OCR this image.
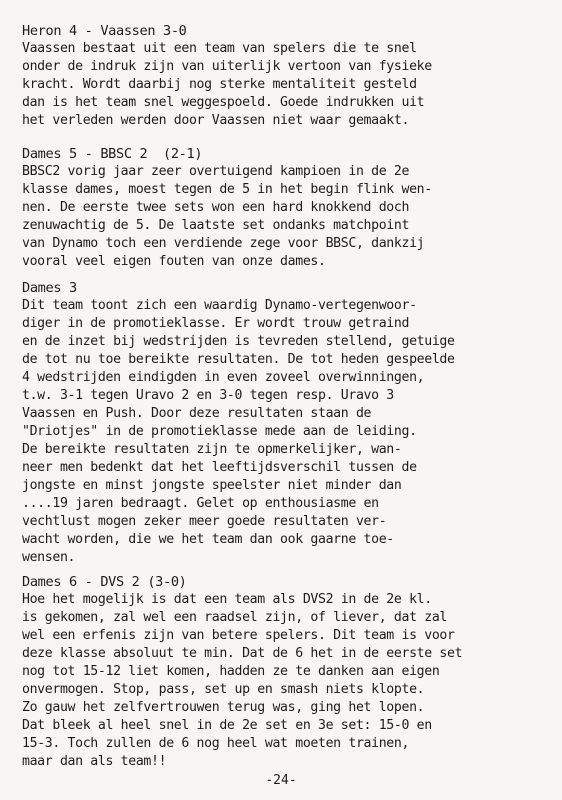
Heron 4 - Vaassen 3-0
Vaassen bestaat uit een team van spelers die te snel
onder de indruk zijn van uiterlijk vertoon van fysieke
kracht. Wordt daarbij nog sterke mentaliteit gesteld
dan is het team snel weggespoeld. Goede indrukken uit
het verleden werden door Vaassen niet waar gemaakt.
Dames 5 - BBSC 2  (2-1)
BBSC2 vorig jaar zeer overtuigend kampioen in de 2e
klasse dames, moest tegen de 5 in het begin flink wen-
nen. De eerste twee sets won een hard knokkend doch
zenuwachtig de 5. De laatste set ondanks matchpoint
van Dynamo toch een verdiende zege voor BBSC, dankzij
vooral veel eigen fouten van onze dames.
Dames 3
Dit team toont zich een waardig Dynamo-vertegenwoor-
diger in de promotieklasse. Er wordt trouw getraind
en de inzet bij wedstrijden is tevreden stellend, getuige
de tot nu toe bereikte resultaten. De tot heden gespeelde
4 wedstrijden eindigden in even zoveel overwinningen,
t.w. 3-1 tegen Uravo 2 en 3-0 tegen resp. Uravo 3
Vaassen en Push. Door deze resultaten staan de
"Driotjes" in de promotieklasse mede aan de leiding.
De bereikte resultaten zijn te opmerkelijker, wan-
neer men bedenkt dat het leeftijdsverschil tussen de
jongste en minst jongste speelster niet minder dan
....19 jaren bedraagt. Gelet op enthousiasme en
vechtlust mogen zeker meer goede resultaten ver-
wacht worden, die we het team dan ook gaarne toe-
wensen.
Dames 6 - DVS 2 (3-0)
Hoe het mogelijk is dat een team als DVS2 in de 2e kl.
is gekomen, zal wel een raadsel zijn, of liever, dat zal
wel een erfenis zijn van betere spelers. Dit team is voor
deze klasse absoluut te min. Dat de 6 het in de eerste set
nog tot 15-12 liet komen, hadden ze te danken aan eigen
onvermogen. Stop, pass, set up en smash niets klopte.
Zo gauw het zelfvertrouwen terug was, ging het lopen.
Dat bleek al heel snel in de 2e set en 3e set: 15-0 en
15-3. Toch zullen de 6 nog heel wat moeten trainen,
maar dan als team!!
-24-
